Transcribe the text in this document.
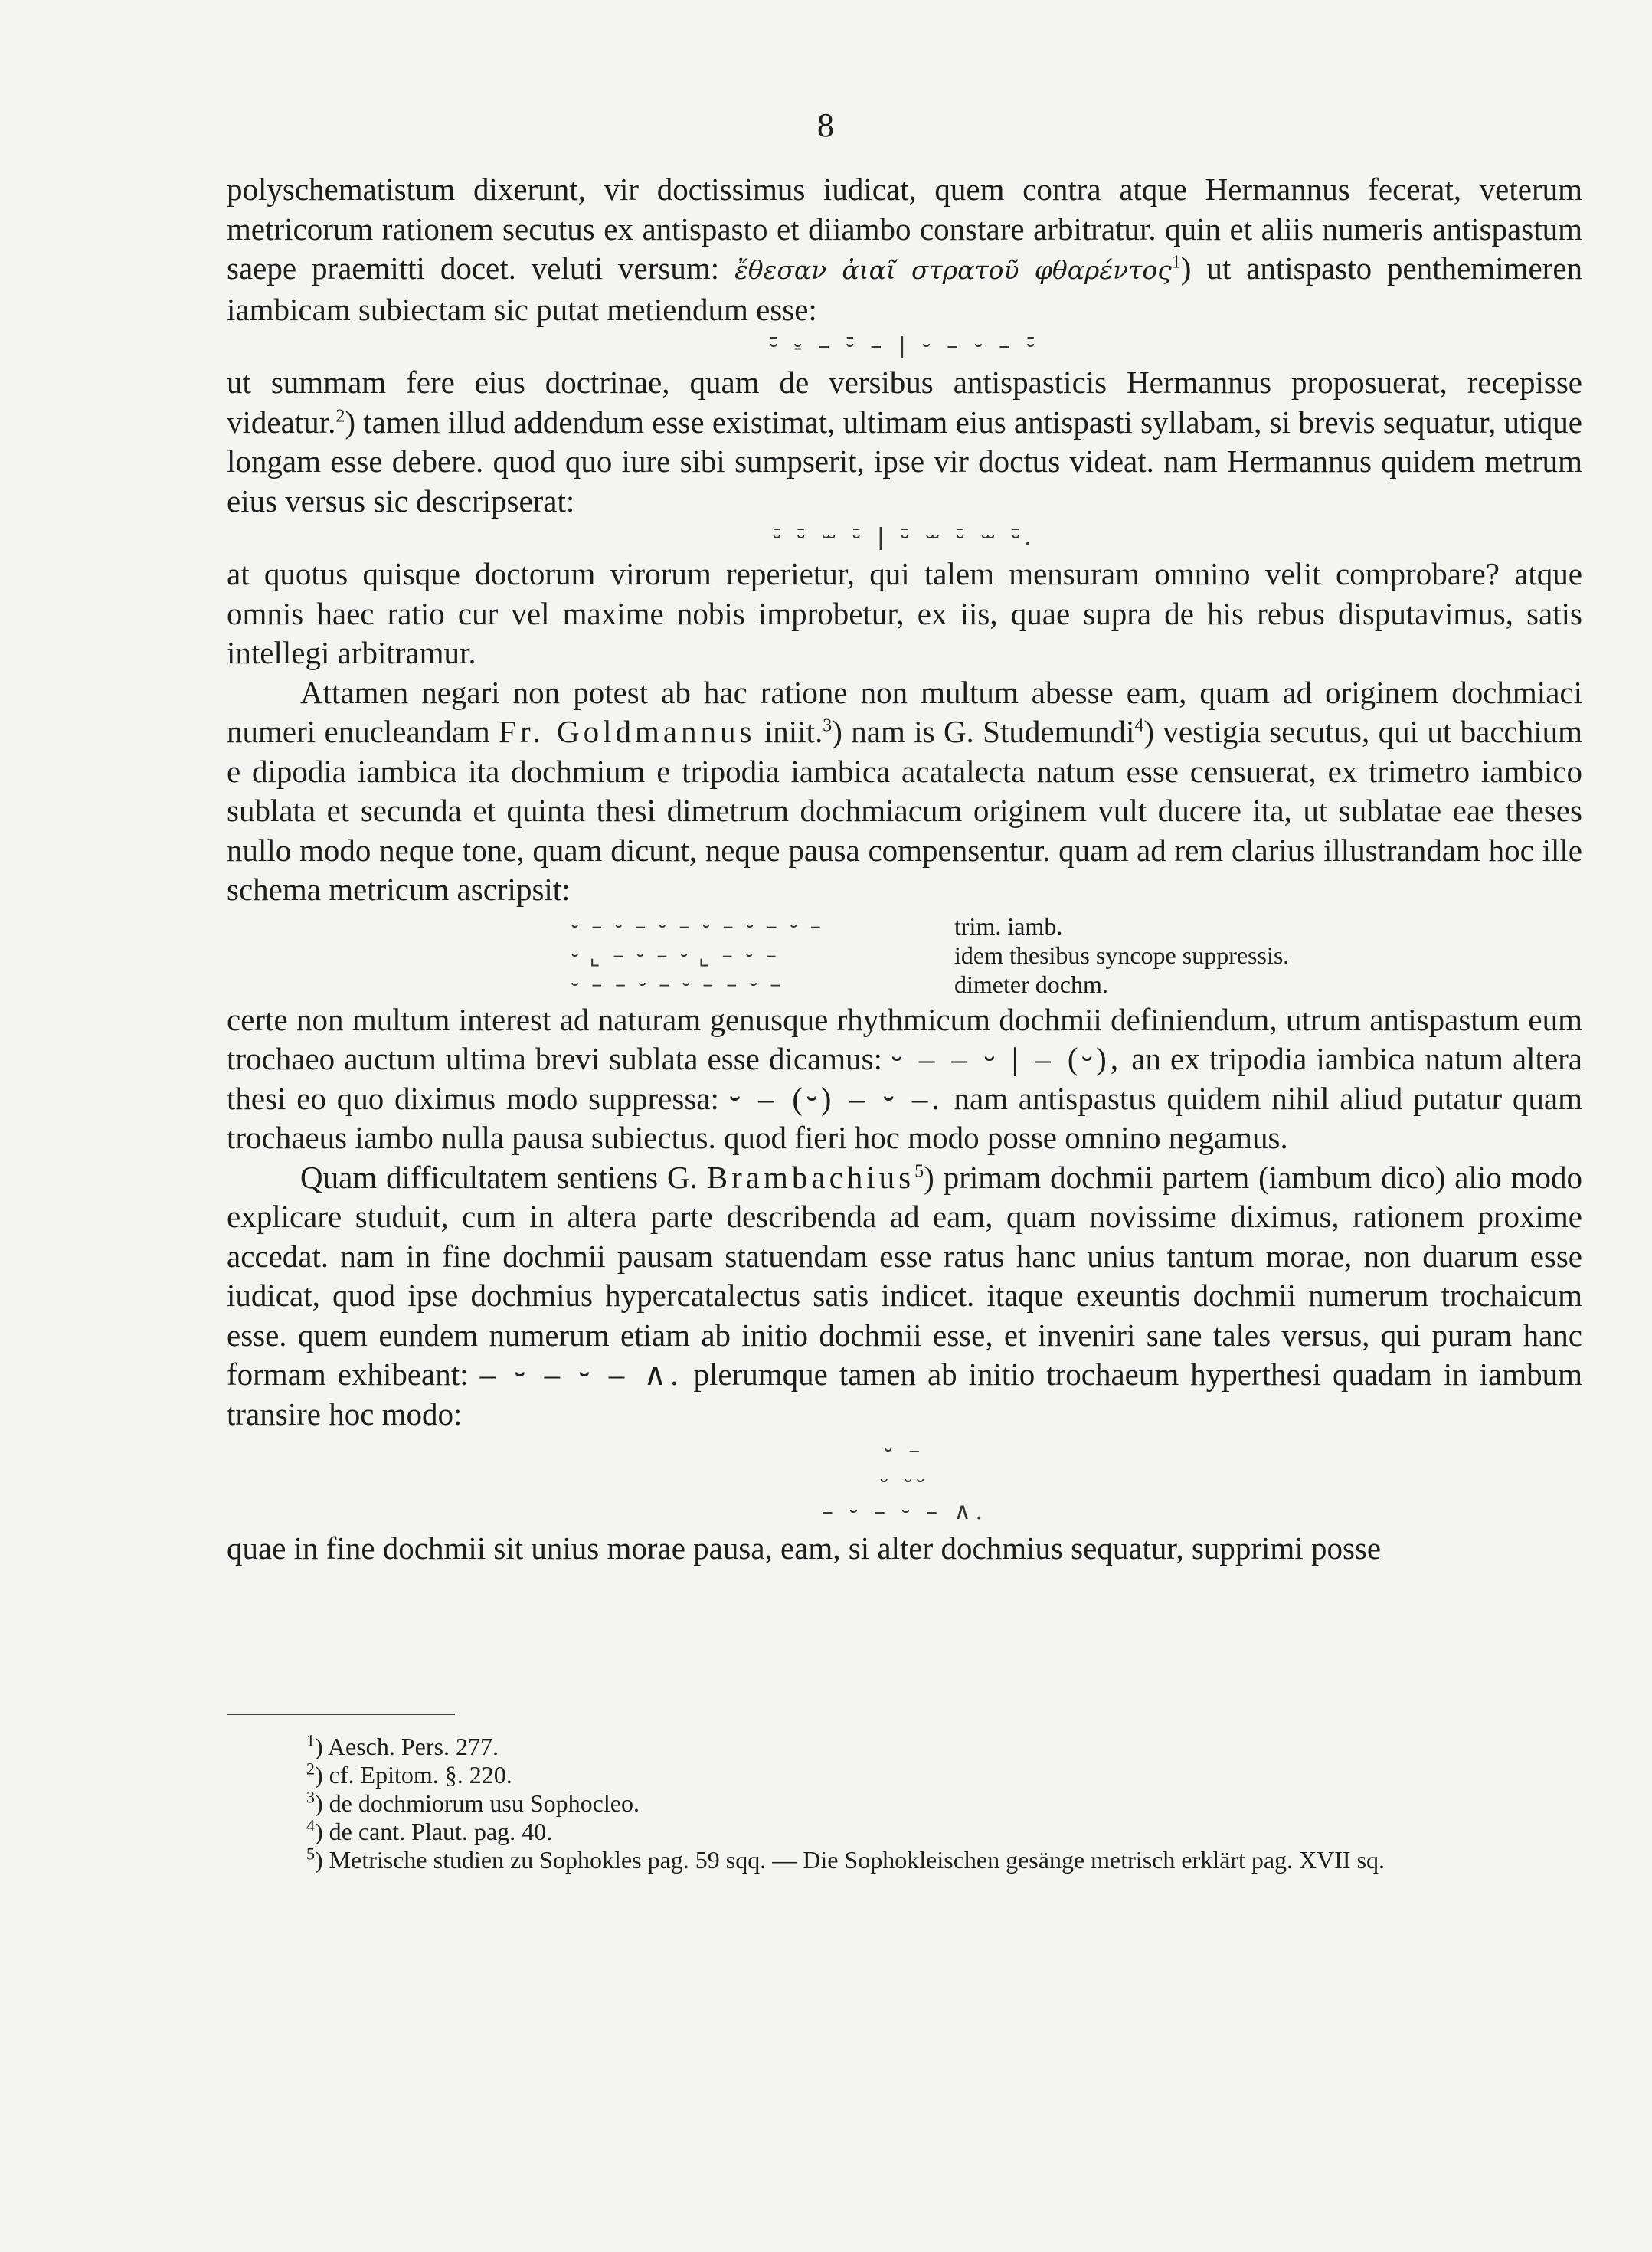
8

polyschematistum dixerunt, vir doctissimus iudicat, quem contra atque Hermannus fecerat, veterum metricorum rationem secutus ex antispasto et diiambo constare arbitratur. quin et aliis numeris antispastum saepe praemitti docet. veluti versum: ἔθεσαν ἀιαῖ στρατοῦ φθαρέντος$^1$) ut antispasto penthemimeren iambicam subiectam sic putat metiendum esse:

⏑̄ ⏓ – ⏑̄ – | ⏑ – ⏑ – ⏑̄

ut summam fere eius doctrinae, quam de versibus antispasticis Hermannus proposuerat, recepisse videatur.$^2$) tamen illud addendum esse existimat, ultimam eius antispasti syllabam, si brevis sequatur, utique longam esse debere. quod quo iure sibi sumpserit, ipse vir doctus videat. nam Hermannus quidem metrum eius versus sic descripserat:

⏑̄ ⏑̄ ⏖ ⏑̄ | ⏑̄ ⏖ ⏑̄ ⏖ ⏑̄.

at quotus quisque doctorum virorum reperietur, qui talem mensuram omnino velit comprobare? atque omnis haec ratio cur vel maxime nobis improbetur, ex iis, quae supra de his rebus disputavimus, satis intellegi arbitramur.

Attamen negari non potest ab hac ratione non multum abesse eam, quam ad originem dochmiaci numeri enucleandam Fr. Goldmannus iniit.$^3$) nam is G. Studemundi$^4$) vestigia secutus, qui ut bacchium e dipodia iambica ita dochmium e tripodia iambica acatalecta natum esse censuerat, ex trimetro iambico sublata et secunda et quinta thesi dimetrum dochmiacum originem vult ducere ita, ut sublatae eae theses nullo modo neque tone, quam dicunt, neque pausa compensentur. quam ad rem clarius illustrandam hoc ille schema metricum ascripsit:

⏑ – ⏑ – ⏑ – ⏑ – ⏑ – ⏑ –	trim. iamb.
⏑ ⌞ – ⏑ – ⏑ ⌞ – ⏑ –	idem thesibus syncope suppressis.
⏑ – – ⏑ – ⏑ – – ⏑ –	dimeter dochm.

certe non multum interest ad naturam genusque rhythmicum dochmii definiendum, utrum antispastum eum trochaeo auctum ultima brevi sublata esse dicamus: ⏑ – – ⏑ | – (⏑), an ex tripodia iambica natum altera thesi eo quo diximus modo suppressa: ⏑ – (⏑) – ⏑ –. nam antispastus quidem nihil aliud putatur quam trochaeus iambo nulla pausa subiectus. quod fieri hoc modo posse omnino negamus.

Quam difficultatem sentiens G. Brambachius$^5$) primam dochmii partem (iambum dico) alio modo explicare studuit, cum in altera parte describenda ad eam, quam novissime diximus, rationem proxime accedat. nam in fine dochmii pausam statuendam esse ratus hanc unius tantum morae, non duarum esse iudicat, quod ipse dochmius hypercatalectus satis indicet. itaque exeuntis dochmii numerum trochaicum esse. quem eundem numerum etiam ab initio dochmii esse, et inveniri sane tales versus, qui puram hanc formam exhibeant: – ⏑ – ⏑ – ∧. plerumque tamen ab initio trochaeum hyperthesi quadam in iambum transire hoc modo:

⏑ –
⏑ ⏑⏑
– ⏑ – ⏑ – ∧.

quae in fine dochmii sit unius morae pausa, eam, si alter dochmius sequatur, supprimi posse

$^1$) Aesch. Pers. 277.
$^2$) cf. Epitom. §. 220.
$^3$) de dochmiorum usu Sophocleo.
$^4$) de cant. Plaut. pag. 40.
$^5$) Metrische studien zu Sophokles pag. 59 sqq. — Die Sophokleischen gesänge metrisch erklärt pag. XVII sq.
